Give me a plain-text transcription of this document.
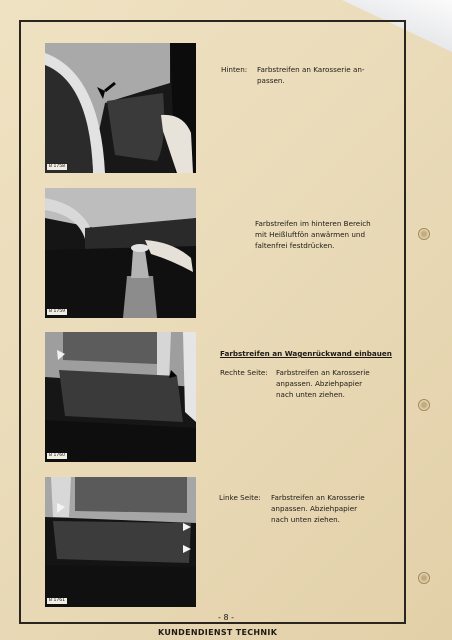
B 1758
B 1759
B 1760
B 1761
Hinten: Farbstreifen an Karosserie an-
passen.
Farbstreifen im hinteren Bereich
mit Heißluftfön anwärmen und
faltenfrei festdrücken.
Farbstreifen an Wagenrückwand einbauen
Rechte Seite: Farbstreifen an Karosserie
anpassen. Abziehpapier
nach unten ziehen.
Linke Seite: Farbstreifen an Karosserie
anpassen. Abziehpapier
nach unten ziehen.
- 8 -
KUNDENDIENST TECHNIK
